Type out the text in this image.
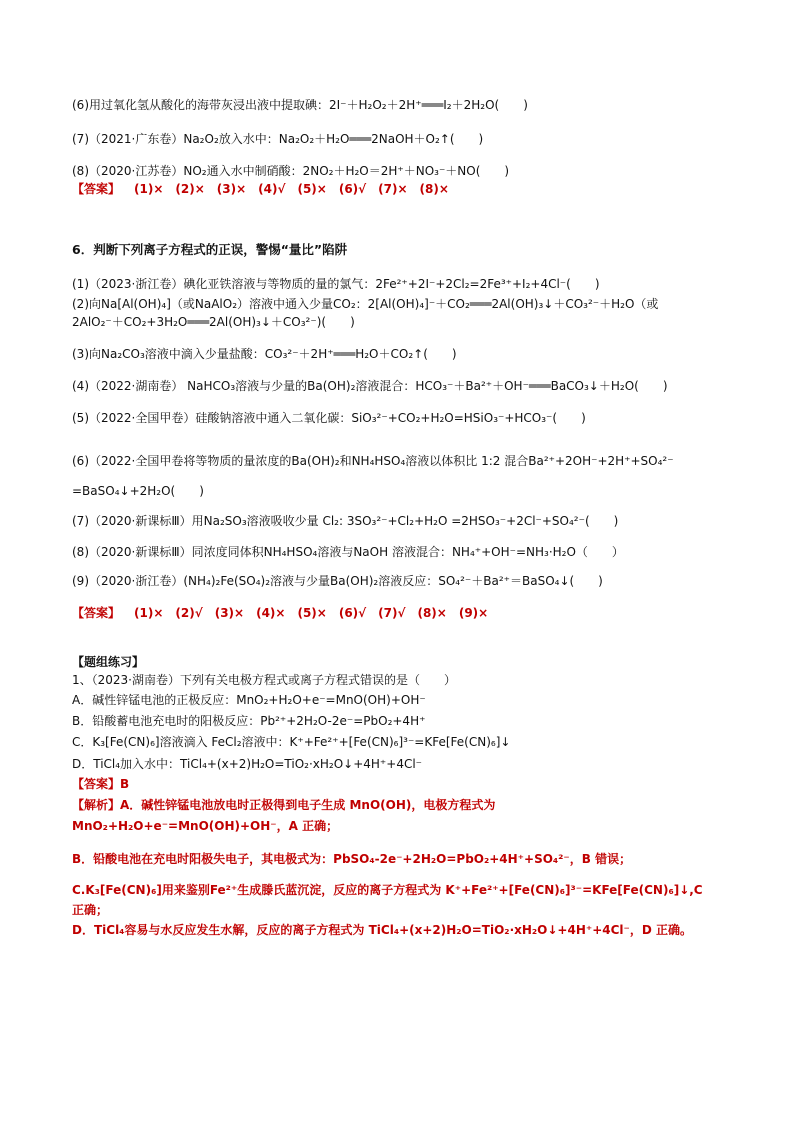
(6)用过氧化氢从酸化的海带灰浸出液中提取碘：2I⁻＋H₂O₂＋2H⁺═══I₂＋2H₂O(　　)
(7)（2021·广东卷）Na₂O₂放入水中：Na₂O₂＋H₂O═══2NaOH＋O₂↑(　　)
(8)（2020·江苏卷）NO₂通入水中制硝酸：2NO₂＋H₂O＝2H⁺＋NO₃⁻＋NO(　　)
【答案】 (1)×　(2)×　(3)×　(4)√　(5)×　(6)√　(7)×　(8)×
6．判断下列离子方程式的正误，警惕“量比”陷阱
(1)（2023·浙江卷）碘化亚铁溶液与等物质的量的氯气：2Fe²⁺+2I⁻+2Cl₂=2Fe³⁺+I₂+4Cl⁻(　　)
(2)向Na[Al(OH)₄]（或NaAlO₂）溶液中通入少量CO₂：2[Al(OH)₄]⁻＋CO₂═══2Al(OH)₃↓＋CO₃²⁻＋H₂O（或
2AlO₂⁻＋CO₂+3H₂O═══2Al(OH)₃↓＋CO₃²⁻)(　　)
(3)向Na₂CO₃溶液中滴入少量盐酸：CO₃²⁻＋2H⁺═══H₂O＋CO₂↑(　　)
(4)（2022·湖南卷） NaHCO₃溶液与少量的Ba(OH)₂溶液混合：HCO₃⁻＋Ba²⁺＋OH⁻═══BaCO₃↓＋H₂O(　　)
(5)（2022·全国甲卷）硅酸钠溶液中通入二氧化碳：SiO₃²⁻+CO₂+H₂O=HSiO₃⁻+HCO₃⁻(　　)
(6)（2022·全国甲卷将等物质的量浓度的Ba(OH)₂和NH₄HSO₄溶液以体积比 1:2 混合Ba²⁺+2OH⁻+2H⁺+SO₄²⁻
=BaSO₄↓+2H₂O(　　)
(7)（2020·新课标Ⅲ）用Na₂SO₃溶液吸收少量 Cl₂: 3SO₃²⁻+Cl₂+H₂O =2HSO₃⁻+2Cl⁻+SO₄²⁻(　　)
(8)（2020·新课标Ⅲ）同浓度同体积NH₄HSO₄溶液与NaOH 溶液混合：NH₄⁺+OH⁻=NH₃·H₂O（　　）
(9)（2020·浙江卷）(NH₄)₂Fe(SO₄)₂溶液与少量Ba(OH)₂溶液反应：SO₄²⁻＋Ba²⁺＝BaSO₄↓(　　)
【答案】 (1)×　(2)√　(3)×　(4)×　(5)×　(6)√　(7)√　(8)×　(9)×
【题组练习】
1、（2023·湖南卷）下列有关电极方程式或离子方程式错误的是（　　）
A．碱性锌锰电池的正极反应：MnO₂+H₂O+e⁻=MnO(OH)+OH⁻
B．铅酸蓄电池充电时的阳极反应：Pb²⁺+2H₂O-2e⁻=PbO₂+4H⁺
C．K₃[Fe(CN)₆]溶液滴入 FeCl₂溶液中：K⁺+Fe²⁺+[Fe(CN)₆]³⁻=KFe[Fe(CN)₆]↓
D．TiCl₄加入水中：TiCl₄+(x+2)H₂O=TiO₂·xH₂O↓+4H⁺+4Cl⁻
【答案】B
【解析】A．碱性锌锰电池放电时正极得到电子生成 MnO(OH)，电极方程式为
MnO₂+H₂O+e⁻=MnO(OH)+OH⁻，A 正确；
B．铅酸电池在充电时阳极失电子，其电极式为：PbSO₄-2e⁻+2H₂O=PbO₂+4H⁺+SO₄²⁻，B 错误；
C.K₃[Fe(CN)₆]用来鉴别Fe²⁺生成滕氏蓝沉淀，反应的离子方程式为 K⁺+Fe²⁺+[Fe(CN)₆]³⁻=KFe[Fe(CN)₆]↓,C
正确；
D．TiCl₄容易与水反应发生水解，反应的离子方程式为 TiCl₄+(x+2)H₂O=TiO₂·xH₂O↓+4H⁺+4Cl⁻，D 正确。
